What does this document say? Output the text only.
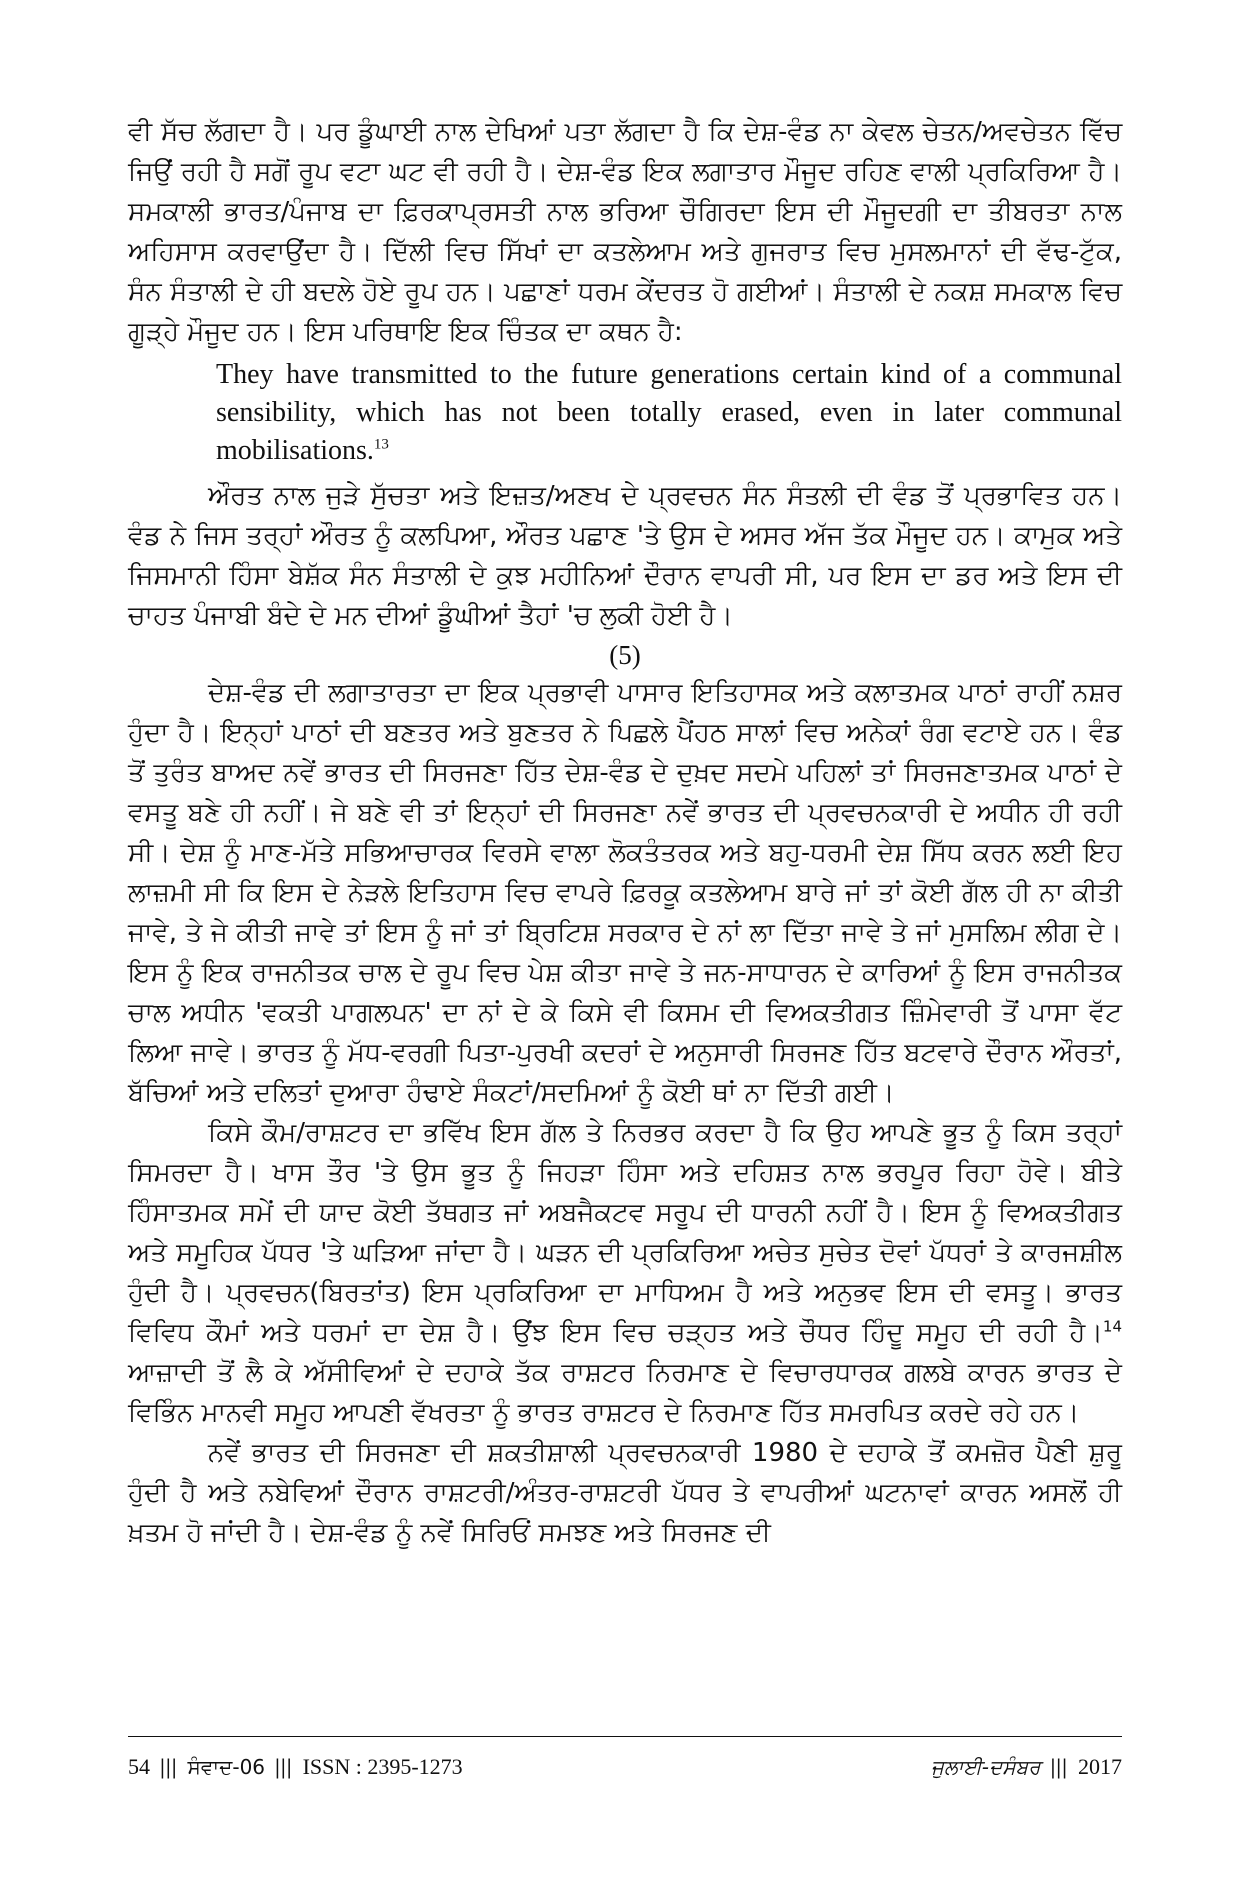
ਵੀ ਸੱਚ ਲੱਗਦਾ ਹੈ। ਪਰ ਡੂੰਘਾਈ ਨਾਲ ਦੇਖਿਆਂ ਪਤਾ ਲੱਗਦਾ ਹੈ ਕਿ ਦੇਸ਼-ਵੰਡ ਨਾ ਕੇਵਲ ਚੇਤਨ/ਅਵਚੇਤਨ ਵਿੱਚ ਜਿਉਂ ਰਹੀ ਹੈ ਸਗੋਂ ਰੂਪ ਵਟਾ ਘਟ ਵੀ ਰਹੀ ਹੈ। ਦੇਸ਼-ਵੰਡ ਇਕ ਲਗਾਤਾਰ ਮੌਜੂਦ ਰਹਿਣ ਵਾਲੀ ਪ੍ਰਕਿਰਿਆ ਹੈ। ਸਮਕਾਲੀ ਭਾਰਤ/ਪੰਜਾਬ ਦਾ ਫ਼ਿਰਕਾਪ੍ਰਸਤੀ ਨਾਲ ਭਰਿਆ ਚੌਗਿਰਦਾ ਇਸ ਦੀ ਮੌਜੂਦਗੀ ਦਾ ਤੀਬਰਤਾ ਨਾਲ ਅਹਿਸਾਸ ਕਰਵਾਉਂਦਾ ਹੈ। ਦਿੱਲੀ ਵਿਚ ਸਿੱਖਾਂ ਦਾ ਕਤਲੇਆਮ ਅਤੇ ਗੁਜਰਾਤ ਵਿਚ ਮੁਸਲਮਾਨਾਂ ਦੀ ਵੱਢ-ਟੁੱਕ, ਸੰਨ ਸੰਤਾਲੀ ਦੇ ਹੀ ਬਦਲੇ ਹੋਏ ਰੂਪ ਹਨ। ਪਛਾਣਾਂ ਧਰਮ ਕੇਂਦਰਤ ਹੋ ਗਈਆਂ। ਸੰਤਾਲੀ ਦੇ ਨਕਸ਼ ਸਮਕਾਲ ਵਿਚ ਗੂੜ੍ਹੇ ਮੌਜੂਦ ਹਨ। ਇਸ ਪਰਿਥਾਇ ਇਕ ਚਿੰਤਕ ਦਾ ਕਥਨ ਹੈ:

They have transmitted to the future generations certain kind of a communal sensibility, which has not been totally erased, even in later communal mobilisations.$^{13}$

ਔਰਤ ਨਾਲ ਜੁੜੇ ਸੁੱਚਤਾ ਅਤੇ ਇਜ਼ਤ/ਅਣਖ ਦੇ ਪ੍ਰਵਚਨ ਸੰਨ ਸੰਤਲੀ ਦੀ ਵੰਡ ਤੋਂ ਪ੍ਰਭਾਵਿਤ ਹਨ। ਵੰਡ ਨੇ ਜਿਸ ਤਰ੍ਹਾਂ ਔਰਤ ਨੂੰ ਕਲਪਿਆ, ਔਰਤ ਪਛਾਣ 'ਤੇ ਉਸ ਦੇ ਅਸਰ ਅੱਜ ਤੱਕ ਮੌਜੂਦ ਹਨ। ਕਾਮੁਕ ਅਤੇ ਜਿਸਮਾਨੀ ਹਿੰਸਾ ਬੇਸ਼ੱਕ ਸੰਨ ਸੰਤਾਲੀ ਦੇ ਕੁਝ ਮਹੀਨਿਆਂ ਦੌਰਾਨ ਵਾਪਰੀ ਸੀ, ਪਰ ਇਸ ਦਾ ਡਰ ਅਤੇ ਇਸ ਦੀ ਚਾਹਤ ਪੰਜਾਬੀ ਬੰਦੇ ਦੇ ਮਨ ਦੀਆਂ ਡੂੰਘੀਆਂ ਤੈਹਾਂ 'ਚ ਲੁਕੀ ਹੋਈ ਹੈ।

(5)

ਦੇਸ਼-ਵੰਡ ਦੀ ਲਗਾਤਾਰਤਾ ਦਾ ਇਕ ਪ੍ਰਭਾਵੀ ਪਾਸਾਰ ਇਤਿਹਾਸਕ ਅਤੇ ਕਲਾਤਮਕ ਪਾਠਾਂ ਰਾਹੀਂ ਨਸ਼ਰ ਹੁੰਦਾ ਹੈ। ਇਨ੍ਹਾਂ ਪਾਠਾਂ ਦੀ ਬਣਤਰ ਅਤੇ ਬੁਣਤਰ ਨੇ ਪਿਛਲੇ ਪੈਂਹਠ ਸਾਲਾਂ ਵਿਚ ਅਨੇਕਾਂ ਰੰਗ ਵਟਾਏ ਹਨ। ਵੰਡ ਤੋਂ ਤੁਰੰਤ ਬਾਅਦ ਨਵੇਂ ਭਾਰਤ ਦੀ ਸਿਰਜਣਾ ਹਿੱਤ ਦੇਸ਼-ਵੰਡ ਦੇ ਦੁਖ਼ਦ ਸਦਮੇ ਪਹਿਲਾਂ ਤਾਂ ਸਿਰਜਣਾਤਮਕ ਪਾਠਾਂ ਦੇ ਵਸਤੂ ਬਣੇ ਹੀ ਨਹੀਂ। ਜੇ ਬਣੇ ਵੀ ਤਾਂ ਇਨ੍ਹਾਂ ਦੀ ਸਿਰਜਣਾ ਨਵੇਂ ਭਾਰਤ ਦੀ ਪ੍ਰਵਚਨਕਾਰੀ ਦੇ ਅਧੀਨ ਹੀ ਰਹੀ ਸੀ। ਦੇਸ਼ ਨੂੰ ਮਾਣ-ਮੱਤੇ ਸਭਿਆਚਾਰਕ ਵਿਰਸੇ ਵਾਲਾ ਲੋਕਤੰਤਰਕ ਅਤੇ ਬਹੁ-ਧਰਮੀ ਦੇਸ਼ ਸਿੱਧ ਕਰਨ ਲਈ ਇਹ ਲਾਜ਼ਮੀ ਸੀ ਕਿ ਇਸ ਦੇ ਨੇੜਲੇ ਇਤਿਹਾਸ ਵਿਚ ਵਾਪਰੇ ਫ਼ਿਰਕੂ ਕਤਲੇਆਮ ਬਾਰੇ ਜਾਂ ਤਾਂ ਕੋਈ ਗੱਲ ਹੀ ਨਾ ਕੀਤੀ ਜਾਵੇ, ਤੇ ਜੇ ਕੀਤੀ ਜਾਵੇ ਤਾਂ ਇਸ ਨੂੰ ਜਾਂ ਤਾਂ ਬ੍ਰਿਟਿਸ਼ ਸਰਕਾਰ ਦੇ ਨਾਂ ਲਾ ਦਿੱਤਾ ਜਾਵੇ ਤੇ ਜਾਂ ਮੁਸਲਿਮ ਲੀਗ ਦੇ। ਇਸ ਨੂੰ ਇਕ ਰਾਜਨੀਤਕ ਚਾਲ ਦੇ ਰੂਪ ਵਿਚ ਪੇਸ਼ ਕੀਤਾ ਜਾਵੇ ਤੇ ਜਨ-ਸਾਧਾਰਨ ਦੇ ਕਾਰਿਆਂ ਨੂੰ ਇਸ ਰਾਜਨੀਤਕ ਚਾਲ ਅਧੀਨ 'ਵਕਤੀ ਪਾਗਲਪਨ' ਦਾ ਨਾਂ ਦੇ ਕੇ ਕਿਸੇ ਵੀ ਕਿਸਮ ਦੀ ਵਿਅਕਤੀਗਤ ਜ਼ਿੰਮੇਵਾਰੀ ਤੋਂ ਪਾਸਾ ਵੱਟ ਲਿਆ ਜਾਵੇ। ਭਾਰਤ ਨੂੰ ਮੱਧ-ਵਰਗੀ ਪਿਤਾ-ਪੁਰਖੀ ਕਦਰਾਂ ਦੇ ਅਨੁਸਾਰੀ ਸਿਰਜਣ ਹਿੱਤ ਬਟਵਾਰੇ ਦੌਰਾਨ ਔਰਤਾਂ, ਬੱਚਿਆਂ ਅਤੇ ਦਲਿਤਾਂ ਦੁਆਰਾ ਹੰਢਾਏ ਸੰਕਟਾਂ/ਸਦਮਿਆਂ ਨੂੰ ਕੋਈ ਥਾਂ ਨਾ ਦਿੱਤੀ ਗਈ।

ਕਿਸੇ ਕੌਮ/ਰਾਸ਼ਟਰ ਦਾ ਭਵਿੱਖ ਇਸ ਗੱਲ ਤੇ ਨਿਰਭਰ ਕਰਦਾ ਹੈ ਕਿ ਉਹ ਆਪਣੇ ਭੂਤ ਨੂੰ ਕਿਸ ਤਰ੍ਹਾਂ ਸਿਮਰਦਾ ਹੈ। ਖਾਸ ਤੌਰ 'ਤੇ ਉਸ ਭੂਤ ਨੂੰ ਜਿਹੜਾ ਹਿੰਸਾ ਅਤੇ ਦਹਿਸ਼ਤ ਨਾਲ ਭਰਪੂਰ ਰਿਹਾ ਹੋਵੇ। ਬੀਤੇ ਹਿੰਸਾਤਮਕ ਸਮੇਂ ਦੀ ਯਾਦ ਕੋਈ ਤੱਥਗਤ ਜਾਂ ਅਬਜੈਕਟਵ ਸਰੂਪ ਦੀ ਧਾਰਨੀ ਨਹੀਂ ਹੈ। ਇਸ ਨੂੰ ਵਿਅਕਤੀਗਤ ਅਤੇ ਸਮੂਹਿਕ ਪੱਧਰ 'ਤੇ ਘੜਿਆ ਜਾਂਦਾ ਹੈ। ਘੜਨ ਦੀ ਪ੍ਰਕਿਰਿਆ ਅਚੇਤ ਸੁਚੇਤ ਦੋਵਾਂ ਪੱਧਰਾਂ ਤੇ ਕਾਰਜਸ਼ੀਲ ਹੁੰਦੀ ਹੈ। ਪ੍ਰਵਚਨ(ਬਿਰਤਾਂਤ) ਇਸ ਪ੍ਰਕਿਰਿਆ ਦਾ ਮਾਧਿਅਮ ਹੈ ਅਤੇ ਅਨੁਭਵ ਇਸ ਦੀ ਵਸਤੂ। ਭਾਰਤ ਵਿਵਿਧ ਕੌਮਾਂ ਅਤੇ ਧਰਮਾਂ ਦਾ ਦੇਸ਼ ਹੈ। ਉਂਝ ਇਸ ਵਿਚ ਚੜ੍ਹਤ ਅਤੇ ਚੌਧਰ ਹਿੰਦੂ ਸਮੂਹ ਦੀ ਰਹੀ ਹੈ।$^{14}$ ਆਜ਼ਾਦੀ ਤੋਂ ਲੈ ਕੇ ਅੱਸੀਵਿਆਂ ਦੇ ਦਹਾਕੇ ਤੱਕ ਰਾਸ਼ਟਰ ਨਿਰਮਾਣ ਦੇ ਵਿਚਾਰਧਾਰਕ ਗਲਬੇ ਕਾਰਨ ਭਾਰਤ ਦੇ ਵਿਭਿੰਨ ਮਾਨਵੀ ਸਮੂਹ ਆਪਣੀ ਵੱਖਰਤਾ ਨੂੰ ਭਾਰਤ ਰਾਸ਼ਟਰ ਦੇ ਨਿਰਮਾਣ ਹਿੱਤ ਸਮਰਪਿਤ ਕਰਦੇ ਰਹੇ ਹਨ।

ਨਵੇਂ ਭਾਰਤ ਦੀ ਸਿਰਜਣਾ ਦੀ ਸ਼ਕਤੀਸ਼ਾਲੀ ਪ੍ਰਵਚਨਕਾਰੀ 1980 ਦੇ ਦਹਾਕੇ ਤੋਂ ਕਮਜ਼ੋਰ ਪੈਣੀ ਸ਼ੁਰੂ ਹੁੰਦੀ ਹੈ ਅਤੇ ਨਬੇਵਿਆਂ ਦੌਰਾਨ ਰਾਸ਼ਟਰੀ/ਅੰਤਰ-ਰਾਸ਼ਟਰੀ ਪੱਧਰ ਤੇ ਵਾਪਰੀਆਂ ਘਟਨਾਵਾਂ ਕਾਰਨ ਅਸਲੋਂ ਹੀ ਖ਼ਤਮ ਹੋ ਜਾਂਦੀ ਹੈ। ਦੇਸ਼-ਵੰਡ ਨੂੰ ਨਵੇਂ ਸਿਰਿਓਂ ਸਮਝਣ ਅਤੇ ਸਿਰਜਣ ਦੀ

54 ||| ਸੰਵਾਦ-06 ||| ISSN : 2395-1273	ਜੁਲਾਈ-ਦਸੰਬਰ ||| 2017
